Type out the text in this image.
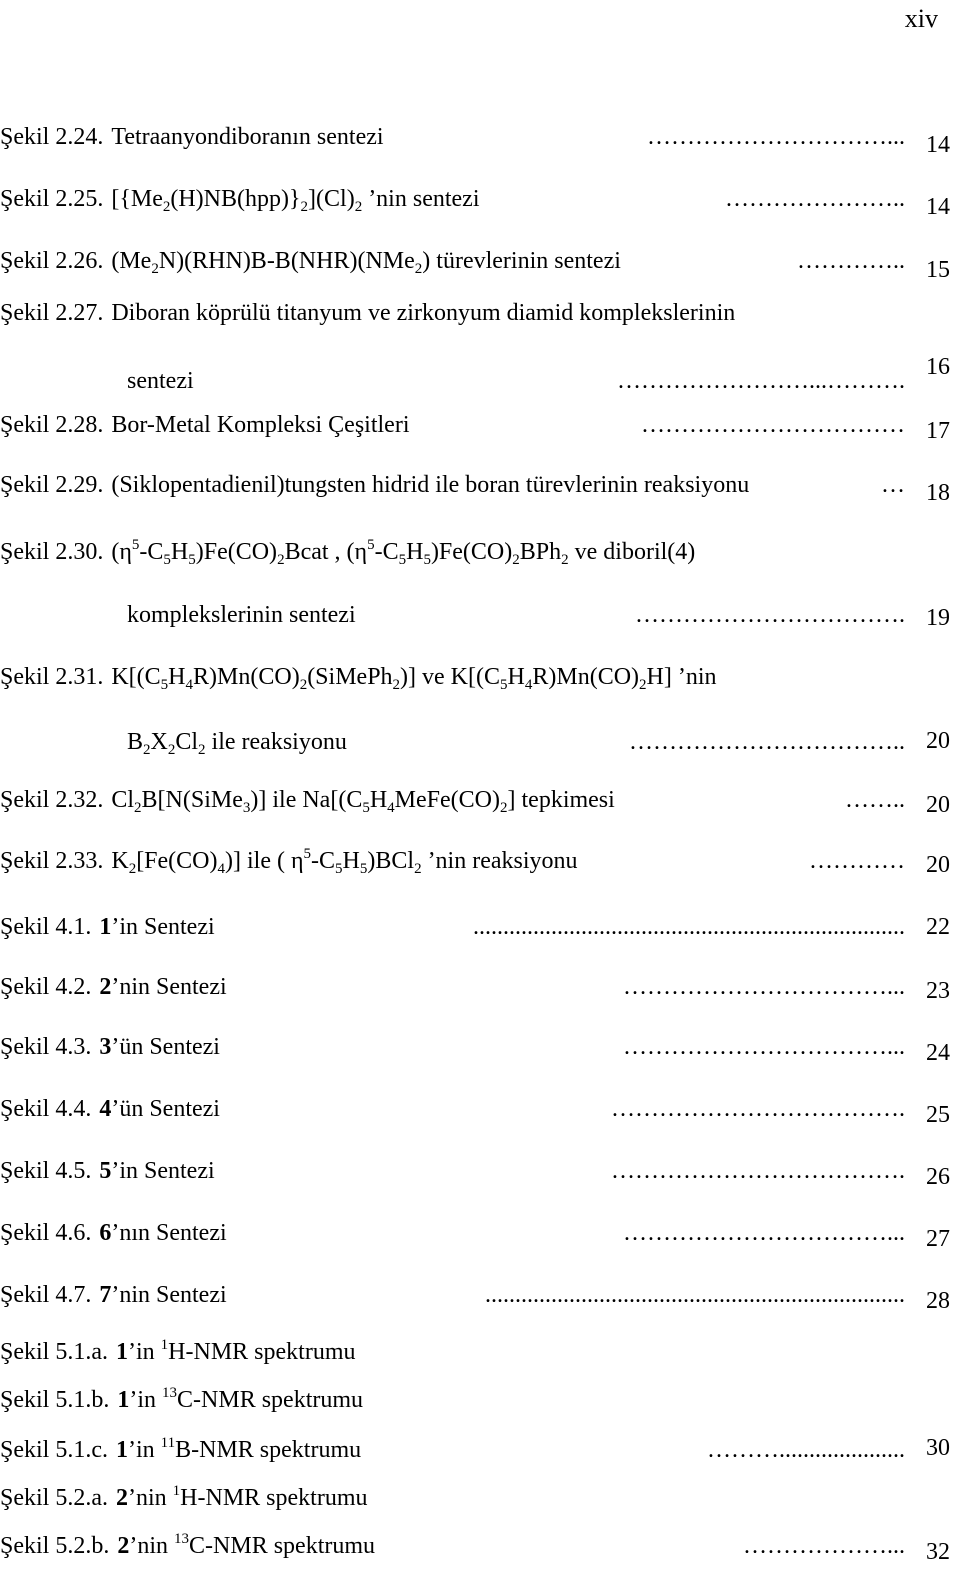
xiv
Şekil 2.24. Tetraanyondiboranın sentezi	…………………………... 14
Şekil 2.25. $[\{Me_2(H)NB(hpp)\}_2](Cl)_2$ ’nin sentezi	………………….. 14
Şekil 2.26. $(Me_2N)(RHN)B-B(NHR)(NMe_2)$ türevlerinin sentezi	………….. 15
Şekil 2.27. Diboran köprülü titanyum ve zirkonyum diamid komplekslerinin
sentezi	……………………...……….
16
Şekil 2.28. Bor-Metal Kompleksi Çeşitleri	…………………………… 17
Şekil 2.29. (Siklopentadienil)tungsten hidrid ile boran türevlerinin reaksiyonu	… 18
Şekil 2.30. $(\eta^5-C_5H_5)Fe(CO)_2Bcat$ , $(\eta^5-C_5H_5)Fe(CO)_2BPh_2$ ve diboril(4)
komplekslerinin sentezi	……………………………. 19
Şekil 2.31. $K[(C_5H_4R)Mn(CO)_2(SiMePh_2)]$ ve $K[(C_5H_4R)Mn(CO)_2H]$ ’nin
$B_2X_2Cl_2$ ile reaksiyonu	…………………………….. 20
Şekil 2.32. $Cl_2B[N(SiMe_3)]$ ile $Na[(C_5H_4MeFe(CO)_2]$ tepkimesi	…….. 20
Şekil 2.33. $K_2[Fe(CO)_4)$] ile ( $\eta^5-C_5H_5)BCl_2$ ’nin reaksiyonu	………… 20
Şekil 4.1. 1 ’in Sentezi	........................................................................ 22
Şekil 4.2. 2 ’nin Sentezi	……………………………... 23
Şekil 4.3. 3 ’ün Sentezi	……………………………... 24
Şekil 4.4. 4 ’ün Sentezi	………………………………. 25
Şekil 4.5. 5 ’in Sentezi	………………………………. 26
Şekil 4.6. 6 ’nın Sentezi	……………………………... 27
Şekil 4.7. 7 ’nin Sentezi	...................................................................... 28
Şekil 5.1.a. 1 ’in $^1$H-NMR spektrumu
Şekil 5.1.b. 1 ’in $^{13}$C-NMR spektrumu
Şekil 5.1.c. 1 ’in $^{11}$B-NMR spektrumu	………..................... 30
Şekil 5.2.a. 2 ’nin $^1$H-NMR spektrumu
Şekil 5.2.b. 2 ’nin $^{13}$C-NMR spektrumu	………………... 32
